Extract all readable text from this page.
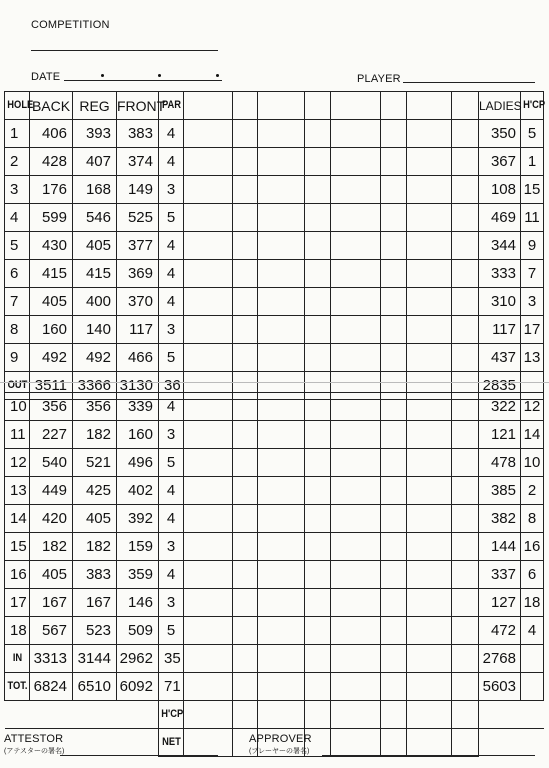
COMPETITION
DATE	PLAYER
HOLE	BACK	REG	FRONT	PAR									LADIES	H'CP
1	406	393	383	4									350	5
2	428	407	374	4									367	1
3	176	168	149	3									108	15
4	599	546	525	5									469	11
5	430	405	377	4									344	9
6	415	415	369	4									333	7
7	405	400	370	4									310	3
8	160	140	117	3									117	17
9	492	492	466	5									437	13
OUT	3511	3366	3130	36									2835	
10	356	356	339	4									322	12
11	227	182	160	3									121	14
12	540	521	496	5									478	10
13	449	425	402	4									385	2
14	420	405	392	4									382	8
15	182	182	159	3									144	16
16	405	383	359	4									337	6
17	167	167	146	3									127	18
18	567	523	509	5									472	4
IN	3313	3144	2962	35									2768	
TOT.	6824	6510	6092	71									5603	
				H'CP										
				NET										
ATTESTOR
(アテスターの署名)
APPROVER
(プレーヤーの署名)
